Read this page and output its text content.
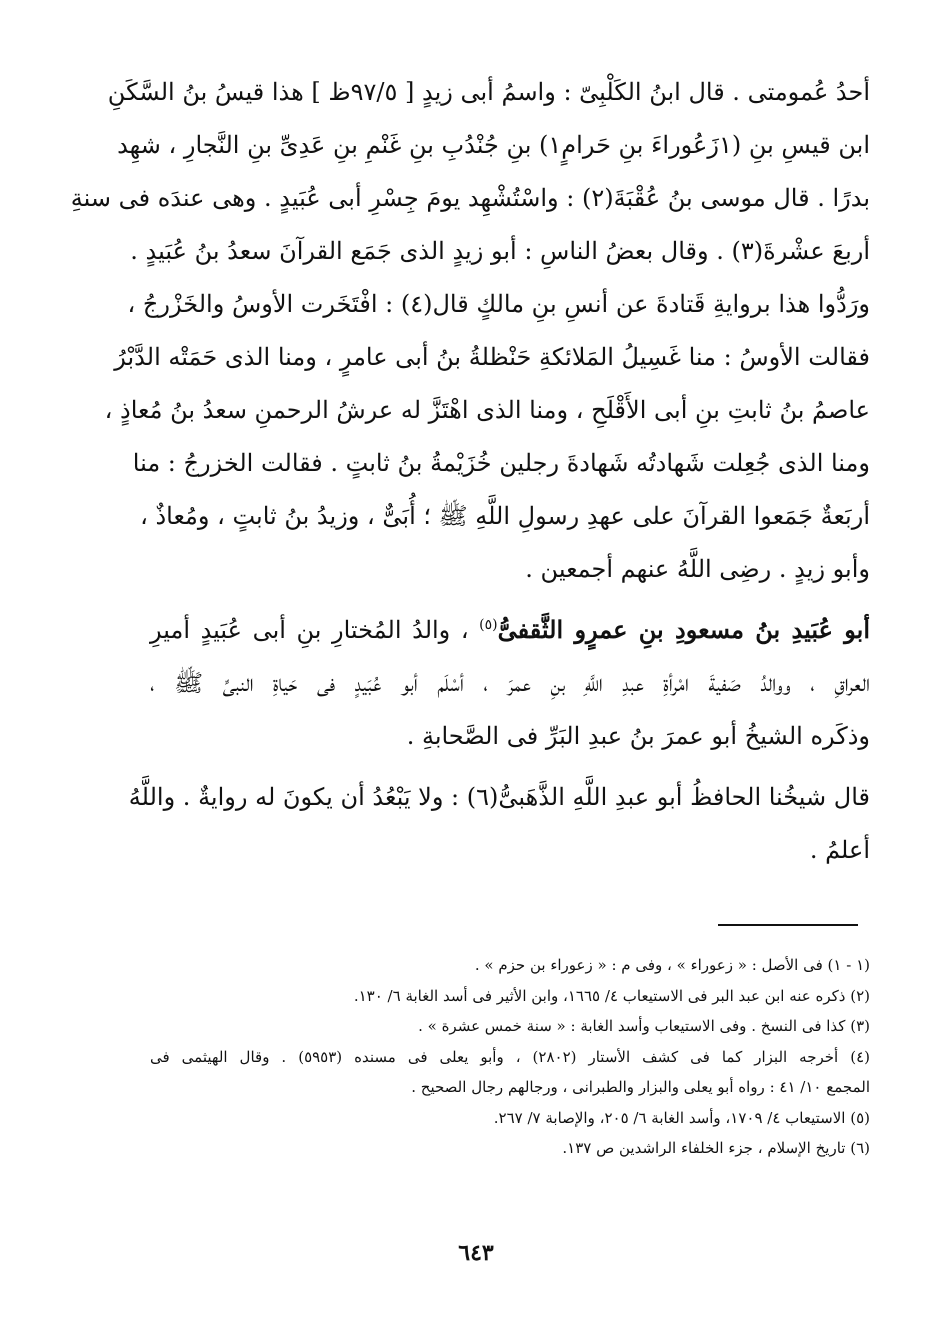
أحدُ عُمومتى . قال ابنُ الكَلْبِىّ : واسمُ أبى زيدٍ [ ٩٧/٥ظ ] هذا قيسُ بنُ السَّكَنِ
ابن قيسِ بنِ (١زَعُوراءَ بنِ حَرامٍ١) بنِ جُنْدُبِ بنِ غَنْمِ بنِ عَدِىِّ بنِ النَّجارِ ، شهِد
بدرًا . قال موسى بنُ عُقْبَةَ(٢) : واسْتُشْهِد يومَ جِسْرِ أبى عُبَيدٍ . وهى عندَه فى سنةِ
أربعَ عشْرةَ(٣) . وقال بعضُ الناسِ : أبو زيدٍ الذى جَمَع القرآنَ سعدُ بنُ عُبَيدٍ .
ورَدُّوا هذا بروايةِ قَتادةَ عن أنسِ بنِ مالكٍ قال(٤) : افْتَخَرت الأوسُ والخَزْرجُ ،
فقالت الأوسُ : منا غَسِيلُ المَلائكةِ حَنْظلةُ بنُ أبى عامرٍ ، ومنا الذى حَمَتْه الدَّبْرُ
عاصمُ بنُ ثابتِ بنِ أبى الأَقْلَحِ ، ومنا الذى اهْتَزَّ له عرشُ الرحمنِ سعدُ بنُ مُعاذٍ ،
ومنا الذى جُعِلت شَهادتُه شَهادةَ رجلين خُزَيْمةُ بنُ ثابتٍ . فقالت الخزرجُ : منا
أربَعةٌ جَمَعوا القرآنَ على عهدِ رسولِ اللَّهِ ﷺ ؛ أُبَىٌّ ، وزيدُ بنُ ثابتٍ ، ومُعاذٌ ،
وأبو زيدٍ . رضِى اللَّهُ عنهم أجمعين .
أبو عُبَيدِ بنُ مسعودِ بنِ عمرٍو الثَّقفىُّ$^{(٥)}$ ، والدُ المُختارِ بنِ أبى عُبَيدٍ أميرِ
العراقِ ، ووالدُ صَفيةَ امْرأةِ عبدِ اللَّهِ بنِ عمرَ ، أسْلَم أبو عُبَيدٍ فى حَياةِ النبىِّ ﷺ ،
وذكَره الشيخُ أبو عمرَ بنُ عبدِ البَرِّ فى الصَّحابةِ .
قال شيخُنا الحافظُ أبو عبدِ اللَّهِ الذَّهَبىُّ(٦) : ولا يَبْعُدُ أن يكونَ له روايةٌ . واللَّهُ
أعلمُ .
(١ - ١) فى الأصل : « زعوراء » ، وفى م : « زعوراء بن حزم » .
(٢) ذكره عنه ابن عبد البر فى الاستيعاب ٤/ ١٦٦٥، وابن الأثير فى أسد الغابة ٦/ ١٣٠.
(٣) كذا فى النسخ . وفى الاستيعاب وأسد الغابة : « سنة خمس عشرة » .
(٤) أخرجه البزار كما فى كشف الأستار (٢٨٠٢) ، وأبو يعلى فى مسنده (٥٩٥٣) . وقال الهيثمى فى
المجمع ١٠/ ٤١ : رواه أبو يعلى والبزار والطبرانى ، ورجالهم رجال الصحيح .
(٥) الاستيعاب ٤/ ١٧٠٩، وأسد الغابة ٦/ ٢٠٥، والإصابة ٧/ ٢٦٧.
(٦) تاريخ الإسلام ، جزء الخلفاء الراشدين ص ١٣٧.
٦٤٣
